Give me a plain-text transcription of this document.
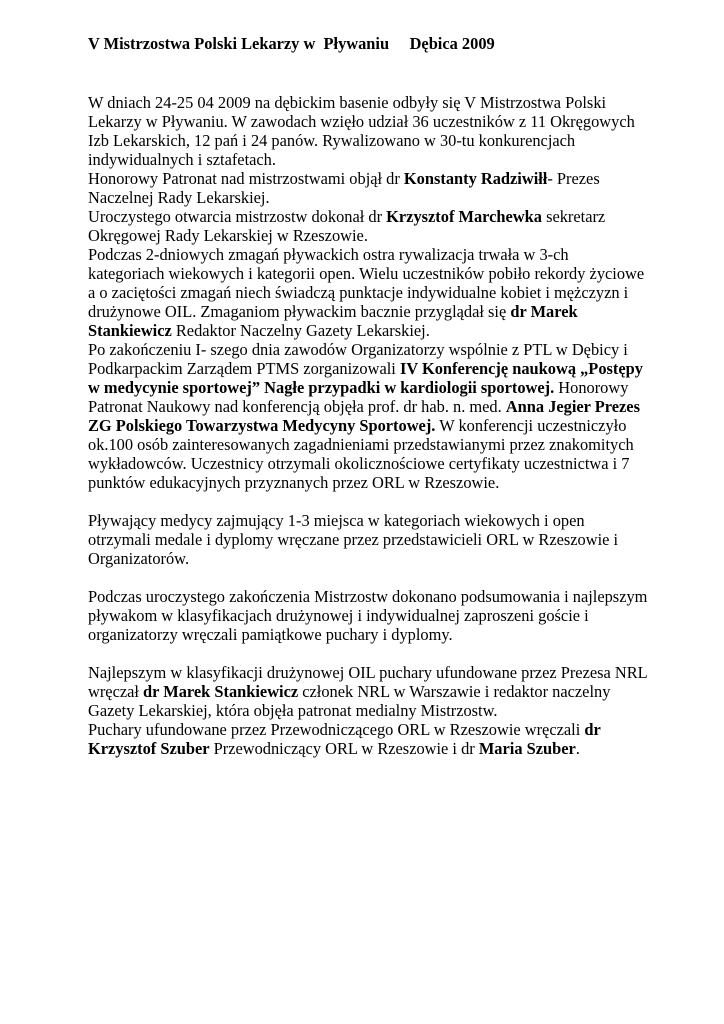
V Mistrzostwa Polski Lekarzy w  Pływaniu     Dębica 2009

W dniach 24-25 04 2009 na dębickim basenie odbyły się V Mistrzostwa Polski Lekarzy w Pływaniu. W zawodach wzięło udział 36 uczestników z 11 Okręgowych Izb Lekarskich, 12 pań i 24 panów. Rywalizowano w 30-tu konkurencjach indywidualnych i sztafetach.
Honorowy Patronat nad mistrzostwami objął dr Konstanty Radziwiłł- Prezes Naczelnej Rady Lekarskiej.
Uroczystego otwarcia mistrzostw dokonał dr Krzysztof Marchewka sekretarz Okręgowej Rady Lekarskiej w Rzeszowie.
Podczas 2-dniowych zmagań pływackich ostra rywalizacja trwała w 3-ch kategoriach wiekowych i kategorii open. Wielu uczestników pobiło rekordy życiowe a o zaciętości zmagań niech świadczą punktacje indywidualne kobiet i mężczyzn i drużynowe OIL. Zmaganiom pływackim bacznie przyglądał się dr Marek Stankiewicz Redaktor Naczelny Gazety Lekarskiej.
Po zakończeniu I- szego dnia zawodów Organizatorzy wspólnie z PTL w Dębicy i Podkarpackim Zarządem PTMS zorganizowali IV Konferencję naukową „Postępy w medycynie sportowej” Nagłe przypadki w kardiologii sportowej. Honorowy Patronat Naukowy nad konferencją objęła prof. dr hab. n. med. Anna Jegier Prezes ZG Polskiego Towarzystwa Medycyny Sportowej. W konferencji uczestniczyło ok.100 osób zainteresowanych zagadnieniami przedstawianymi przez znakomitych wykładowców. Uczestnicy otrzymali okolicznościowe certyfikaty uczestnictwa i 7 punktów edukacyjnych przyznanych przez ORL w Rzeszowie.

Pływający medycy zajmujący 1-3 miejsca w kategoriach wiekowych i open otrzymali medale i dyplomy wręczane przez przedstawicieli ORL w Rzeszowie i Organizatorów.

Podczas uroczystego zakończenia Mistrzostw dokonano podsumowania i najlepszym pływakom w klasyfikacjach drużynowej i indywidualnej zaproszeni goście i organizatorzy wręczali pamiątkowe puchary i dyplomy.

Najlepszym w klasyfikacji drużynowej OIL puchary ufundowane przez Prezesa NRL wręczał dr Marek Stankiewicz członek NRL w Warszawie i redaktor naczelny Gazety Lekarskiej, która objęła patronat medialny Mistrzostw.
Puchary ufundowane przez Przewodniczącego ORL w Rzeszowie wręczali dr Krzysztof Szuber Przewodniczący ORL w Rzeszowie i dr Maria Szuber.
